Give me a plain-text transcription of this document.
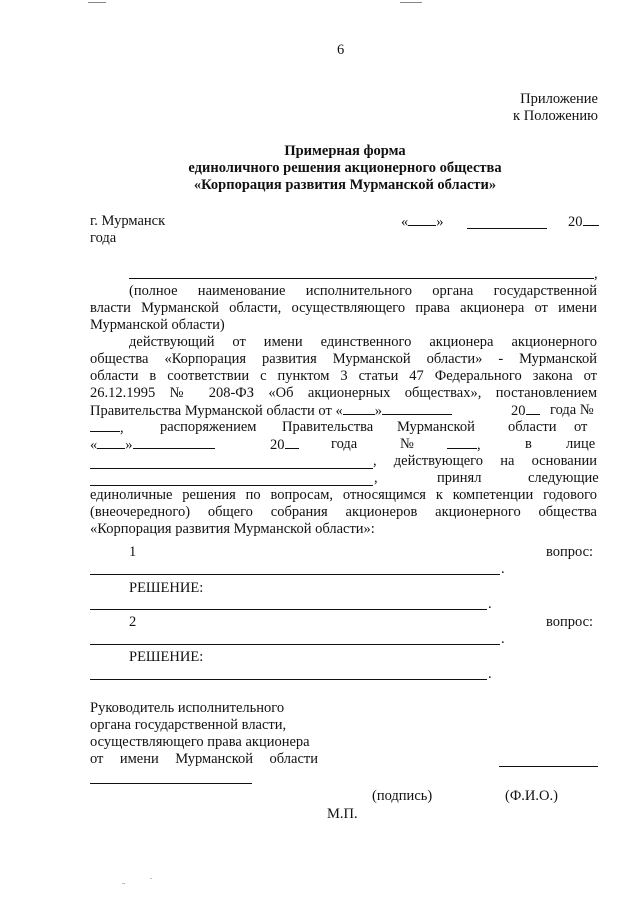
6
Приложение
к Положению
Примерная форма
единоличного решения акционерного общества
«Корпорация развития Мурманской области»
г. Мурманск	« »	20
года
,
(полное наименование исполнительного органа государственной
власти Мурманской области, осуществляющего права акционера от имени
Мурманской области)
действующий от имени единственного акционера акционерного
общества «Корпорация развития Мурманской области» - Мурманской
области в соответствии с пунктом 3 статьи 47 Федерального закона от
26.12.1995 № 208-ФЗ «Об акционерных обществах», постановлением
Правительства Мурманской области от « »	20	года №
,	распоряжением Правительства Мурманской области от
« »	20	года	№	,	в лице
, действующего на основании
,	принял	следующие
единоличные решения по вопросам, относящимся к компетенции годового
(внеочередного) общего собрания акционеров акционерного общества
«Корпорация развития Мурманской области»:
1	вопрос:
.
РЕШЕНИЕ:
.
2	вопрос:
.
РЕШЕНИЕ:
.
Руководитель исполнительного
органа государственной власти,
осуществляющего права акционера
от имени Мурманской области
(подпись)	(Ф.И.О.)
М.П.
